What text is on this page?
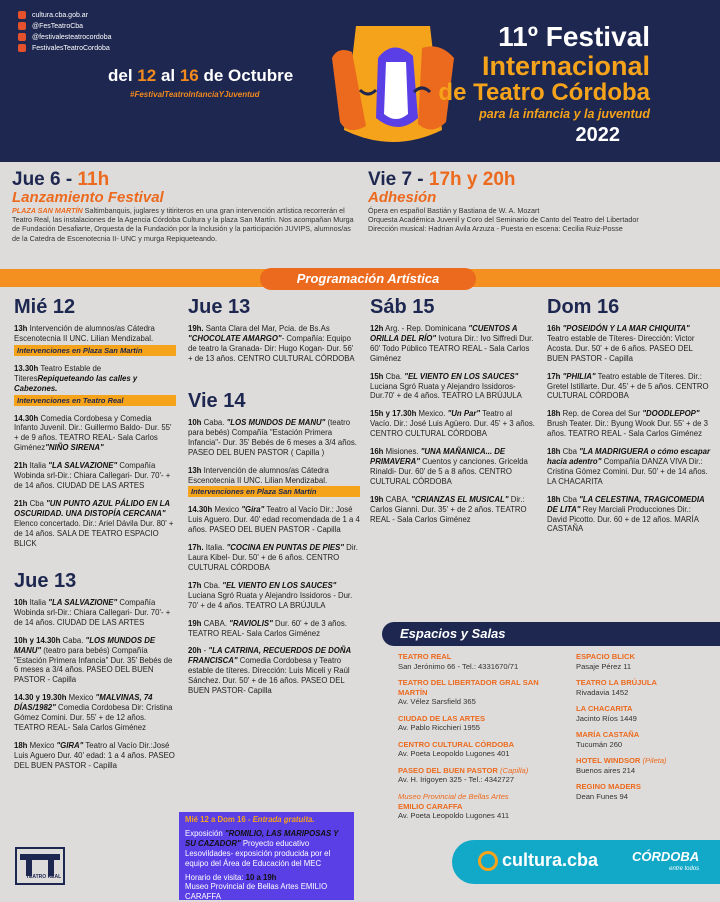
cultura.cba.gob.ar
@FesTeatroCba
@festivalesteatrocordoba
FestivalesTeatroCordoba
del 12 al 16 de Octubre
#FestivalTeatroInfanciaYJuventud
11º Festival
Internacional
de Teatro Córdoba
para la infancia y la juventud
2022
Jue 6 - 11h
Lanzamiento Festival
PLAZA SAN MARTÍN Saltimbanquis, juglares y titiriteros en una gran intervención artística recorrerán el Teatro Real, las instalaciones de la Agencia Córdoba Cultura y la plaza San Martín. Nos acompañan Murga de Fundación Desafiarte, Orquesta de la Fundación por la Inclusión y la participación JUVIPS, alumnos/as de la Catedra de Escenotecnia II- UNC y murga Repiqueteando.
Vie 7 - 17h y 20h
Adhesión
Ópera en español Bastián y Bastiana de W. A. Mozart
Orquesta Académica Juvenil y Coro del Seminario de Canto del Teatro del Libertador
Dirección musical: Hadrian Avila Arzuza - Puesta en escena: Cecilia Ruiz-Posse
Programación Artística
Mié 12
13h Intervención de alumnos/as Cátedra Escenotecnia II UNC. Lilian Mendizabal.
Intervenciones en Plaza San Martín
13.30h Teatro Estable de TiteresRepiqueteando las calles y Cabezones.
Intervenciones en Teatro Real
14.30h Comedia Cordobesa y Comedia Infanto Juvenil. Dir.: Guillermo Baldo- Dur. 55' + de 9 años. TEATRO REAL- Sala Carlos Giménez"NIÑO SIRENA"
21h Italia "LA SALVAZIONE" Compañía Wobinda srl-Dir.: Chiara Callegari- Dur. 70'- + de 14 años. CIUDAD DE LAS ARTES
21h Cba "UN PUNTO AZUL PÁLIDO EN LA OSCURIDAD. UNA DISTOPÍA CERCANA" Elenco concertado. Dir.: Ariel Dávila Dur. 80' + de 14 años. SALA DE TEATRO ESPACIO BLICK
Jue 13
10h Italia "LA SALVAZIONE" Compañía Wobinda srl-Dir.: Chiara Callegari- Dur. 70'- + de 14 años. CIUDAD DE LAS ARTES
10h y 14.30h Caba. "LOS MUNDOS DE MANU" (teatro para bebés) Compañía "Estación Primera Infancia" Dur. 35' Bebés de 6 meses a 3/4 años. PASEO DEL BUEN PASTOR - Capilla
14.30 y 19.30h Mexico "MALVINAS, 74 DÍAS/1982" Comedia Cordobesa Dir: Cristina Gómez Comini. Dur. 55' + de 12 años. TEATRO REAL- Sala Carlos Giménez
18h Mexico "GIRA" Teatro al Vacío Dir.:José Luis Aguero Dur. 40' edad: 1 a 4 años. PASEO DEL BUEN PASTOR - Capilla
Jue 13
19h. Santa Clara del Mar, Pcia. de Bs.As "CHOCOLATE AMARGO"- Compañía: Equipo de teatro la Granada- Dir: Hugo Kogan- Dur. 56' + de 13 años. CENTRO CULTURAL CÓRDOBA
Vie 14
10h Caba. "LOS MUNDOS DE MANU" (teatro para bebés) Compañía "Estación Primera Infancia"- Dur. 35' Bebés de 6 meses a 3/4 años. PASEO DEL BUEN PASTOR ( Capilla )
13h Intervención de alumnos/as Cátedra Escenotecnia II UNC. Lilian Mendizabal.
Intervenciones en Plaza San Martín
14.30h Mexico "Gira" Teatro al Vacío Dir.: José Luis Aguero. Dur. 40' edad recomendada de 1 a 4 años. PASEO DEL BUEN PASTOR - Capilla
17h. Italia. "COCINA EN PUNTAS DE PIES" Dir. Laura Kibel- Dur. 50' + de 6 años. CENTRO CULTURAL CÓRDOBA
17h Cba. "EL VIENTO EN LOS SAUCES" Luciana Sgró Ruata y Alejandro Issidoros - Dur. 70' + de 4 años. TEATRO LA BRÚJULA
19h CABA. "RAVIOLIS" Dur. 60' + de 3 años. TEATRO REAL- Sala Carlos Giménez
20h - "LA CATRINA, RECUERDOS DE DOÑA FRANCISCA" Comedia Cordobesa y Teatro estable de títeres. Dirección: Luis Miceli y Raúl Sánchez. Dur. 50' + de 16 años. PASEO DEL BUEN PASTOR- Capilla
Mié 12 a Dom 16 - Entrada gratuita.
Exposición "ROMILIO, LAS MARIPOSAS Y SU CAZADOR" Proyecto educativo Lesovildades- exposición producida por el equipo del Área de Educación del MEC
Horario de visita: 10 a 19h
Museo Provincial de Bellas Artes EMILIO CARAFFA
Sáb 15
12h Arg. - Rep. Dominicana "CUENTOS A ORILLA DEL RÍO" Ivotura Dir.: Ivo Siffredi Dur. 60' Todo Público TEATRO REAL - Sala Carlos Giménez
15h Cba. "EL VIENTO EN LOS SAUCES" Luciana Sgró Ruata y Alejandro Issidoros- Dur.70' + de 4 años. TEATRO LA BRÚJULA
15h y 17.30h Mexico. "Un Par" Teatro al Vacío. Dir.: José Luis Agüero. Dur. 45' + 3 años. CENTRO CULTURAL CÓRDOBA
16h Misiones. "UNA MAÑANICA... DE PRIMAVERA" Cuentos y canciones. Gricelda Rinaldi- Dur. 60' de 5 a 8 años. CENTRO CULTURAL CÓRDOBA
19h CABA. "CRIANZAS EL MUSICAL" Dir.: Carlos Gianni. Dur. 35' + de 2 años. TEATRO REAL - Sala Carlos Giménez
Dom 16
16h "POSEIDÓN Y LA MAR CHIQUITA" Teatro estable de Títeres- Dirección: Victor Acosta. Dur. 50' + de 6 años. PASEO DEL BUEN PASTOR - Capilla
17h "PHILIA" Teatro estable de Títeres. Dir.: Gretel Istillarte. Dur. 45' + de 5 años. CENTRO CULTURAL CÓRDOBA
18h Rep. de Corea del Sur "DOODLEPOP" Brush Teater. Dir.: Byung Wook Dur. 55' + de 3 años. TEATRO REAL - Sala Carlos Giménez
18h Cba "LA MADRIGUERA o cómo escapar hacia adentro" Compañía DANZA VIVA Dir.: Cristina Gómez Comini. Dur. 50' + de 14 años. LA CHACARITA
18h Cba "LA CELESTINA, TRAGICOMEDIA DE LITA" Rey Marciali Producciones Dir.: David Picotto. Dur. 60 + de 12 años. MARÍA CASTAÑA
Espacios y Salas
TEATRO REAL
San Jerónimo 66 - Tel.: 4331670/71
TEATRO DEL LIBERTADOR GRAL SAN MARTÍN
Av. Vélez Sarsfield 365
CIUDAD DE LAS ARTES
Av. Pablo Ricchieri 1955
CENTRO CULTURAL CÓRDOBA
Av. Poeta Leopoldo Lugones 401
PASEO DEL BUEN PASTOR (Capilla)
Av. H. Irigoyen 325 - Tel.: 4342727
Museo Provincial de Bellas Artes
EMILIO CARAFFA
Av. Poeta Leopoldo Lugones 411
ESPACIO BLICK
Pasaje Pérez 11
TEATRO LA BRÚJULA
Rivadavia 1452
LA CHACARITA
Jacinto Ríos 1449
MARÍA CASTAÑA
Tucumán 260
HOTEL WINDSOR (Pileta)
Buenos aires 214
REGINO MADERS
Dean Funes 94
TEATRO REAL
cultura.cba	CÓRDOBA
entre todos
